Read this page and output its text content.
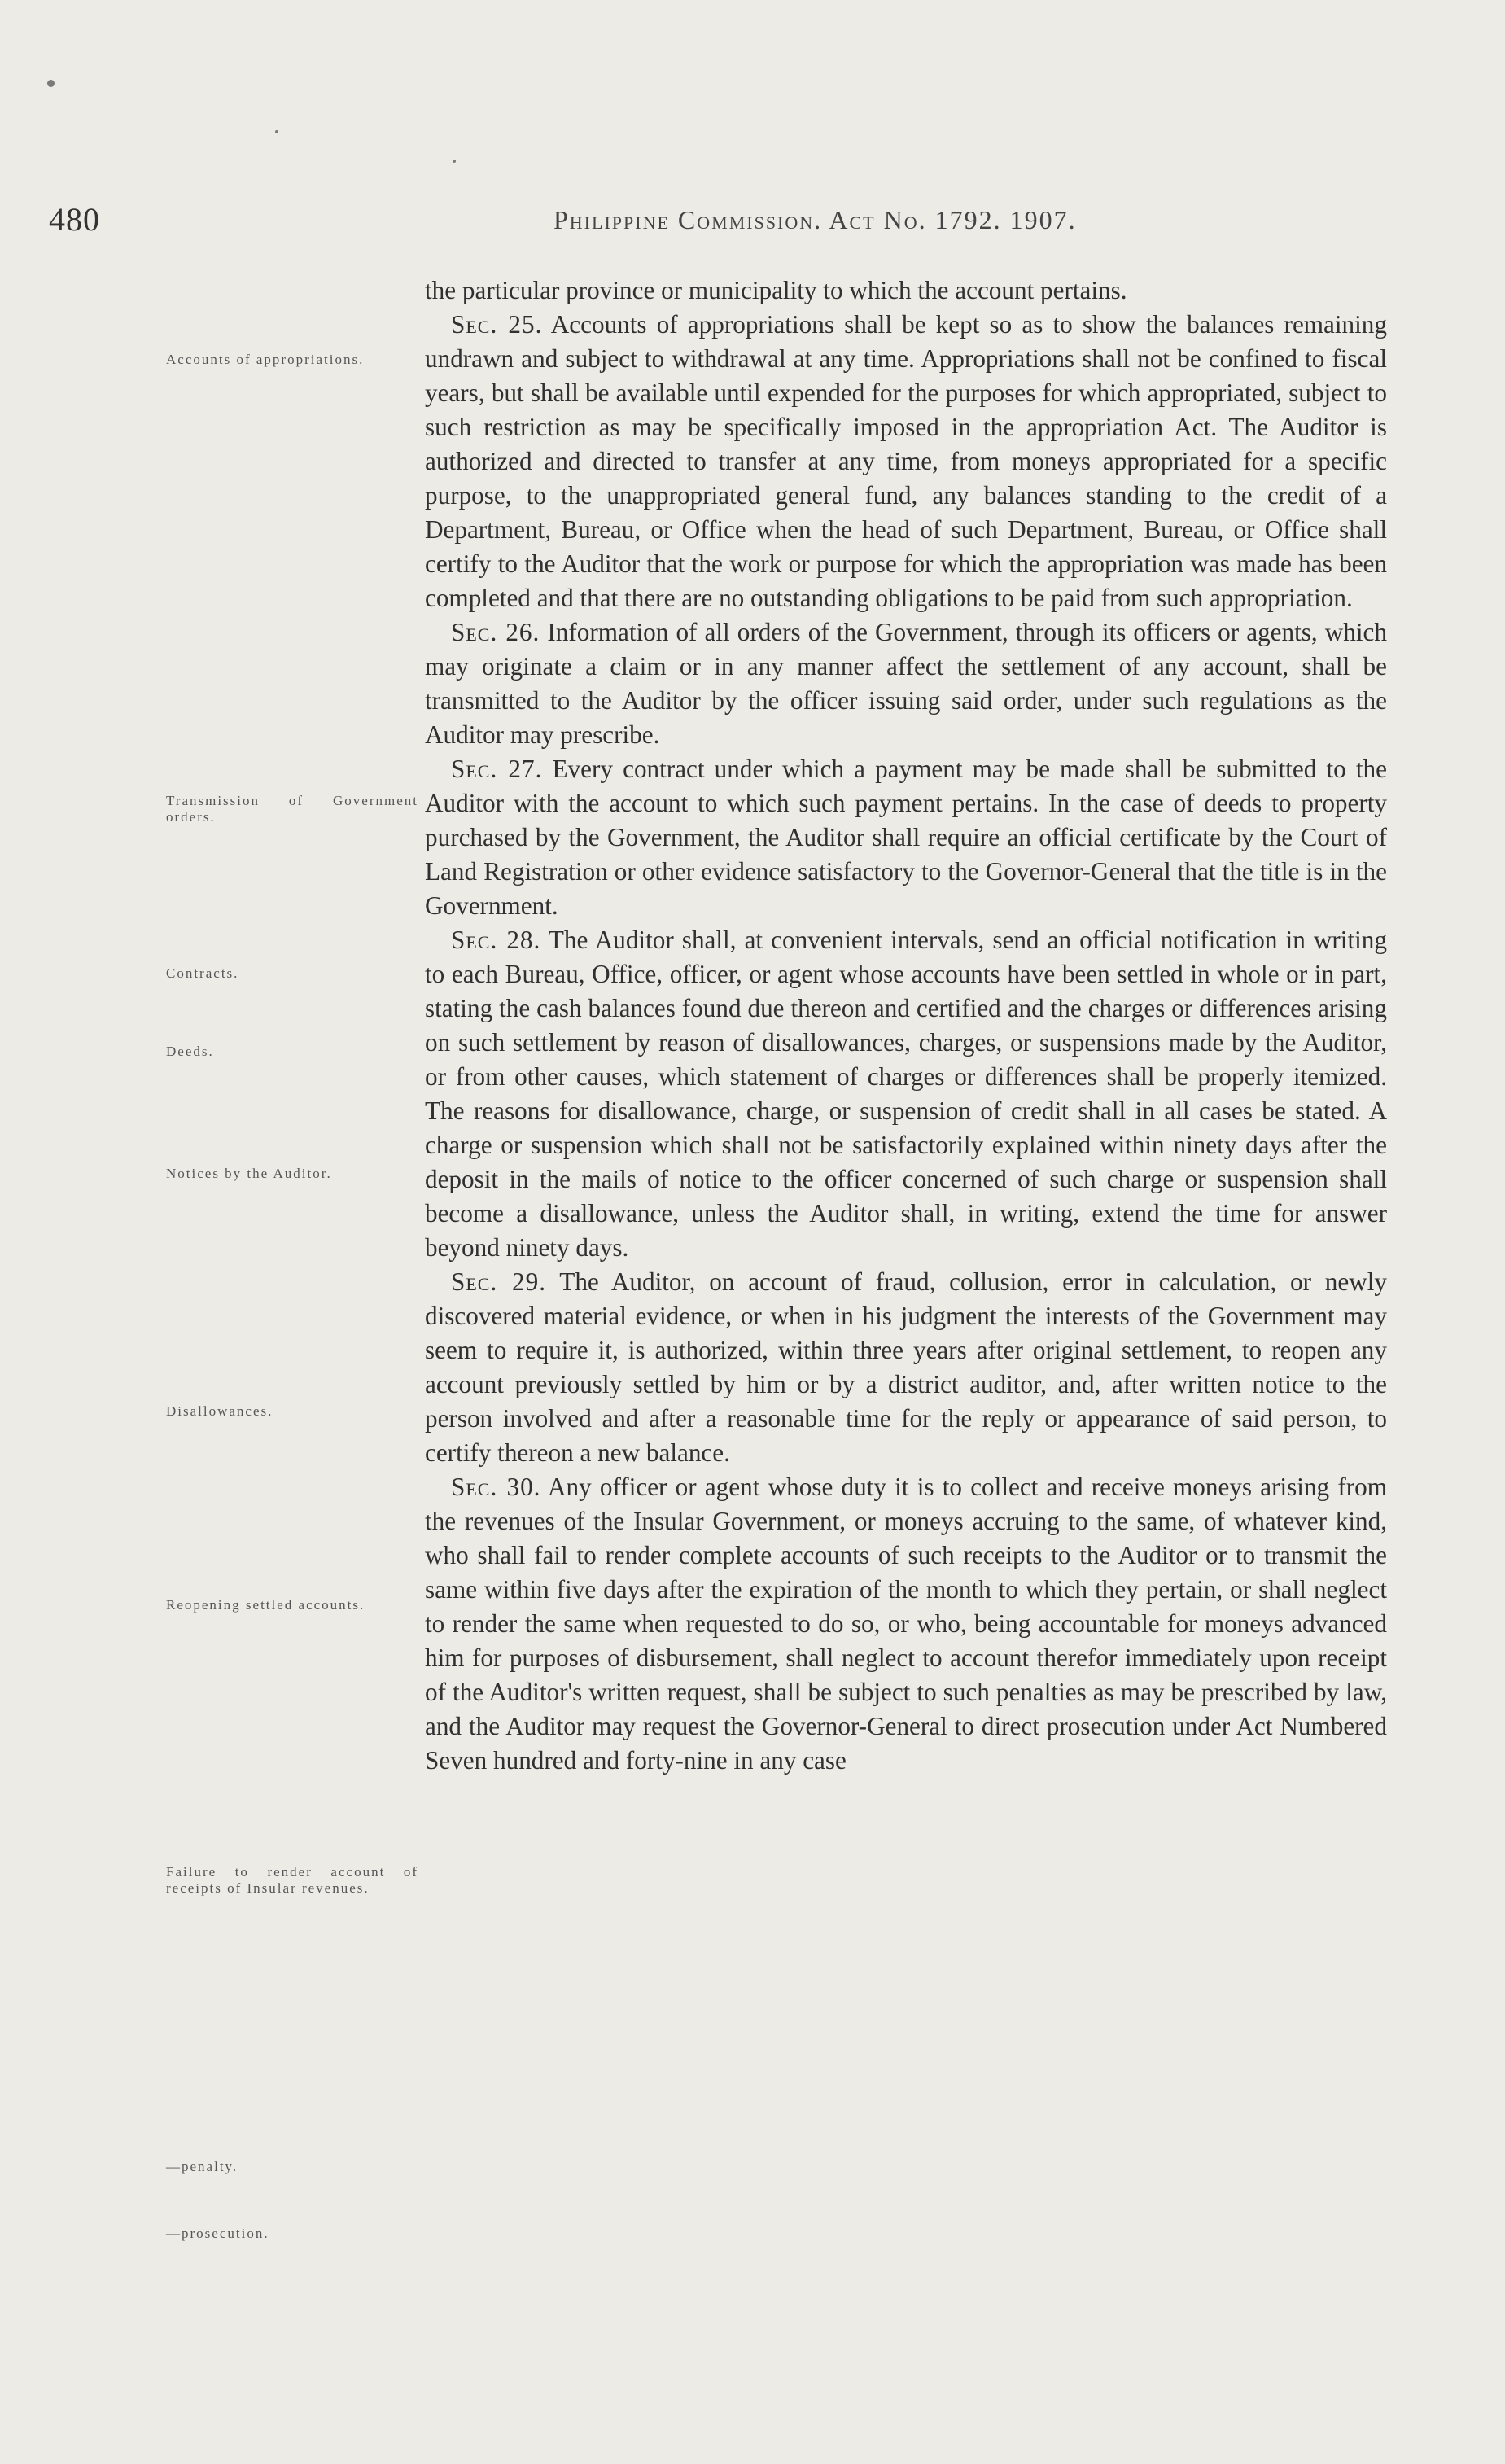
480	Philippine Commission. Act No. 1792. 1907.
Accounts of appropriations.
Transmission of Government orders.
Contracts.
Deeds.
Notices by the Auditor.
Disallowances.
Reopening settled accounts.
Failure to render account of receipts of Insular revenues.
—penalty.
—prosecution.

the particular province or municipality to which the account pertains.

Sec. 25. Accounts of appropriations shall be kept so as to show the balances remaining undrawn and subject to withdrawal at any time. Appropriations shall not be confined to fiscal years, but shall be available until expended for the purposes for which appropriated, subject to such restriction as may be specifically imposed in the appropriation Act. The Auditor is authorized and directed to transfer at any time, from moneys appropriated for a specific purpose, to the unappropriated general fund, any balances standing to the credit of a Department, Bureau, or Office when the head of such Department, Bureau, or Office shall certify to the Auditor that the work or purpose for which the appropriation was made has been completed and that there are no outstanding obligations to be paid from such appropriation.

Sec. 26. Information of all orders of the Government, through its officers or agents, which may originate a claim or in any manner affect the settlement of any account, shall be transmitted to the Auditor by the officer issuing said order, under such regulations as the Auditor may prescribe.

Sec. 27. Every contract under which a payment may be made shall be submitted to the Auditor with the account to which such payment pertains. In the case of deeds to property purchased by the Government, the Auditor shall require an official certificate by the Court of Land Registration or other evidence satisfactory to the Governor-General that the title is in the Government.

Sec. 28. The Auditor shall, at convenient intervals, send an official notification in writing to each Bureau, Office, officer, or agent whose accounts have been settled in whole or in part, stating the cash balances found due thereon and certified and the charges or differences arising on such settlement by reason of disallowances, charges, or suspensions made by the Auditor, or from other causes, which statement of charges or differences shall be properly itemized. The reasons for disallowance, charge, or suspension of credit shall in all cases be stated. A charge or suspension which shall not be satisfactorily explained within ninety days after the deposit in the mails of notice to the officer concerned of such charge or suspension shall become a disallowance, unless the Auditor shall, in writing, extend the time for answer beyond ninety days.

Sec. 29. The Auditor, on account of fraud, collusion, error in calculation, or newly discovered material evidence, or when in his judgment the interests of the Government may seem to require it, is authorized, within three years after original settlement, to reopen any account previously settled by him or by a district auditor, and, after written notice to the person involved and after a reasonable time for the reply or appearance of said person, to certify thereon a new balance.

Sec. 30. Any officer or agent whose duty it is to collect and receive moneys arising from the revenues of the Insular Government, or moneys accruing to the same, of whatever kind, who shall fail to render complete accounts of such receipts to the Auditor or to transmit the same within five days after the expiration of the month to which they pertain, or shall neglect to render the same when requested to do so, or who, being accountable for moneys advanced him for purposes of disbursement, shall neglect to account therefor immediately upon receipt of the Auditor's written request, shall be subject to such penalties as may be prescribed by law, and the Auditor may request the Governor-General to direct prosecution under Act Numbered Seven hundred and forty-nine in any case
